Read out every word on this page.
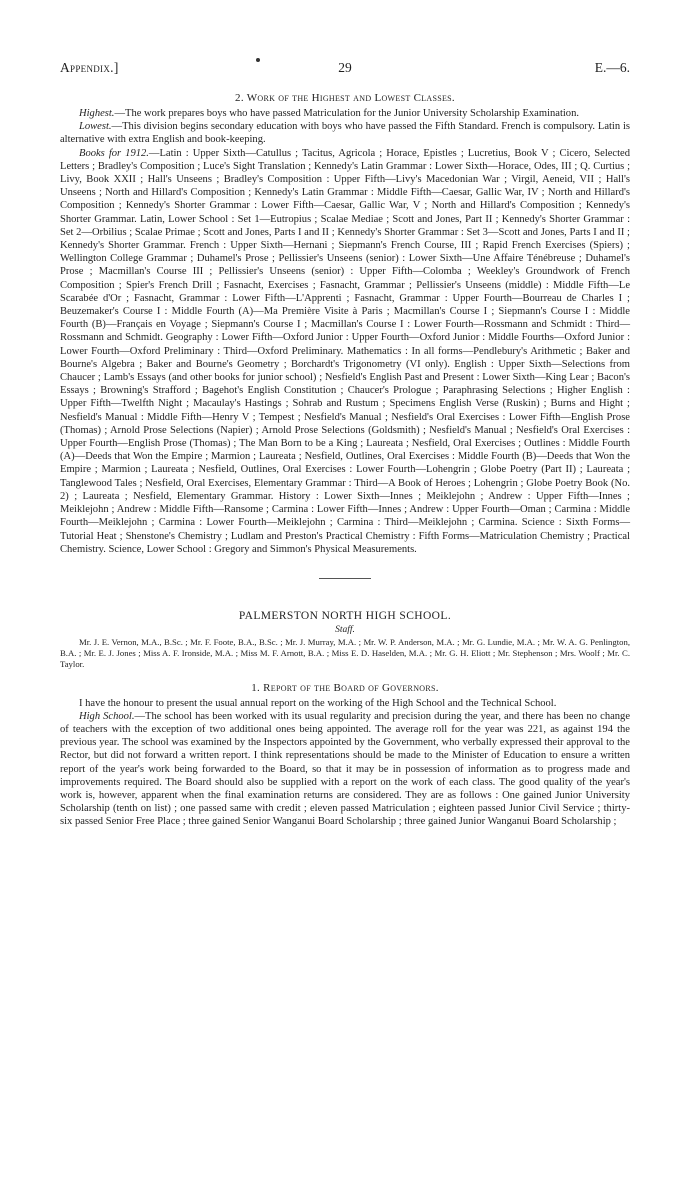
Appendix.]	29	E.—6.
2. Work of the Highest and Lowest Classes.

Highest.—The work prepares boys who have passed Matriculation for the Junior University Scholarship Examination.

Lowest.—This division begins secondary education with boys who have passed the Fifth Standard. French is compulsory. Latin is alternative with extra English and book-keeping.

Books for 1912.—Latin : Upper Sixth—Catullus ; Tacitus, Agricola ; Horace, Epistles ; Lucretius, Book V ; Cicero, Selected Letters ; Bradley's Composition ; Luce's Sight Translation ; Kennedy's Latin Grammar : Lower Sixth—Horace, Odes, III ; Q. Curtius ; Livy, Book XXII ; Hall's Unseens ; Bradley's Composition : Upper Fifth—Livy's Macedonian War ; Virgil, Aeneid, VII ; Hall's Unseens ; North and Hillard's Composition ; Kennedy's Latin Grammar : Middle Fifth—Caesar, Gallic War, IV ; North and Hillard's Composition ; Kennedy's Shorter Grammar : Lower Fifth—Caesar, Gallic War, V ; North and Hillard's Composition ; Kennedy's Shorter Grammar. Latin, Lower School : Set 1—Eutropius ; Scalae Mediae ; Scott and Jones, Part II ; Kennedy's Shorter Grammar : Set 2—Orbilius ; Scalae Primae ; Scott and Jones, Parts I and II ; Kennedy's Shorter Grammar : Set 3—Scott and Jones, Parts I and II ; Kennedy's Shorter Grammar. French : Upper Sixth—Hernani ; Siepmann's French Course, III ; Rapid French Exercises (Spiers) ; Wellington College Grammar ; Duhamel's Prose ; Pellissier's Unseens (senior) : Lower Sixth—Une Affaire Ténébreuse ; Duhamel's Prose ; Macmillan's Course III ; Pellissier's Unseens (senior) : Upper Fifth—Colomba ; Weekley's Groundwork of French Composition ; Spier's French Drill ; Fasnacht, Exercises ; Fasnacht, Grammar ; Pellissier's Unseens (middle) : Middle Fifth—Le Scarabée d'Or ; Fasnacht, Grammar : Lower Fifth—L'Apprenti ; Fasnacht, Grammar : Upper Fourth—Bourreau de Charles I ; Beuzemaker's Course I : Middle Fourth (A)—Ma Première Visite à Paris ; Macmillan's Course I ; Siepmann's Course I : Middle Fourth (B)—Français en Voyage ; Siepmann's Course I ; Macmillan's Course I : Lower Fourth—Rossmann and Schmidt : Third—Rossmann and Schmidt. Geography : Lower Fifth—Oxford Junior : Upper Fourth—Oxford Junior : Middle Fourths—Oxford Junior : Lower Fourth—Oxford Preliminary : Third—Oxford Preliminary. Mathematics : In all forms—Pendlebury's Arithmetic ; Baker and Bourne's Algebra ; Baker and Bourne's Geometry ; Borchardt's Trigonometry (VI only). English : Upper Sixth—Selections from Chaucer ; Lamb's Essays (and other books for junior school) ; Nesfield's English Past and Present : Lower Sixth—King Lear ; Bacon's Essays ; Browning's Strafford ; Bagehot's English Constitution ; Chaucer's Prologue ; Paraphrasing Selections ; Higher English : Upper Fifth—Twelfth Night ; Macaulay's Hastings ; Sohrab and Rustum ; Specimens English Verse (Ruskin) ; Burns and Hight ; Nesfield's Manual : Middle Fifth—Henry V ; Tempest ; Nesfield's Manual ; Nesfield's Oral Exercises : Lower Fifth—English Prose (Thomas) ; Arnold Prose Selections (Napier) ; Arnold Prose Selections (Goldsmith) ; Nesfield's Manual ; Nesfield's Oral Exercises : Upper Fourth—English Prose (Thomas) ; The Man Born to be a King ; Laureata ; Nesfield, Oral Exercises ; Outlines : Middle Fourth (A)—Deeds that Won the Empire ; Marmion ; Laureata ; Nesfield, Outlines, Oral Exercises : Middle Fourth (B)—Deeds that Won the Empire ; Marmion ; Laureata ; Nesfield, Outlines, Oral Exercises : Lower Fourth—Lohengrin ; Globe Poetry (Part II) ; Laureata ; Tanglewood Tales ; Nesfield, Oral Exercises, Elementary Grammar : Third—A Book of Heroes ; Lohengrin ; Globe Poetry Book (No. 2) ; Laureata ; Nesfield, Elementary Grammar. History : Lower Sixth—Innes ; Meiklejohn ; Andrew : Upper Fifth—Innes ; Meiklejohn ; Andrew : Middle Fifth—Ransome ; Carmina : Lower Fifth—Innes ; Andrew : Upper Fourth—Oman ; Carmina : Middle Fourth—Meiklejohn ; Carmina : Lower Fourth—Meiklejohn ; Carmina : Third—Meiklejohn ; Carmina. Science : Sixth Forms—Tutorial Heat ; Shenstone's Chemistry ; Ludlam and Preston's Practical Chemistry : Fifth Forms—Matriculation Chemistry ; Practical Chemistry. Science, Lower School : Gregory and Simmon's Physical Measurements.

PALMERSTON NORTH HIGH SCHOOL.
Staff.

Mr. J. E. Vernon, M.A., B.Sc. ; Mr. F. Foote, B.A., B.Sc. ; Mr. J. Murray, M.A. ; Mr. W. P. Anderson, M.A. ; Mr. G. Lundie, M.A. ; Mr. W. A. G. Penlington, B.A. ; Mr. E. J. Jones ; Miss A. F. Ironside, M.A. ; Miss M. F. Arnott, B.A. ; Miss E. D. Haselden, M.A. ; Mr. G. H. Eliott ; Mr. Stephenson ; Mrs. Woolf ; Mr. C. Taylor.

1. Report of the Board of Governors.

I have the honour to present the usual annual report on the working of the High School and the Technical School.

High School.—The school has been worked with its usual regularity and precision during the year, and there has been no change of teachers with the exception of two additional ones being appointed. The average roll for the year was 221, as against 194 the previous year. The school was examined by the Inspectors appointed by the Government, who verbally expressed their approval to the Rector, but did not forward a written report. I think representations should be made to the Minister of Education to ensure a written report of the year's work being forwarded to the Board, so that it may be in possession of information as to progress made and improvements required. The Board should also be supplied with a report on the work of each class. The good quality of the year's work is, however, apparent when the final examination returns are considered. They are as follows : One gained Junior University Scholarship (tenth on list) ; one passed same with credit ; eleven passed Matriculation ; eighteen passed Junior Civil Service ; thirty-six passed Senior Free Place ; three gained Senior Wanganui Board Scholarship ; three gained Junior Wanganui Board Scholarship ;
